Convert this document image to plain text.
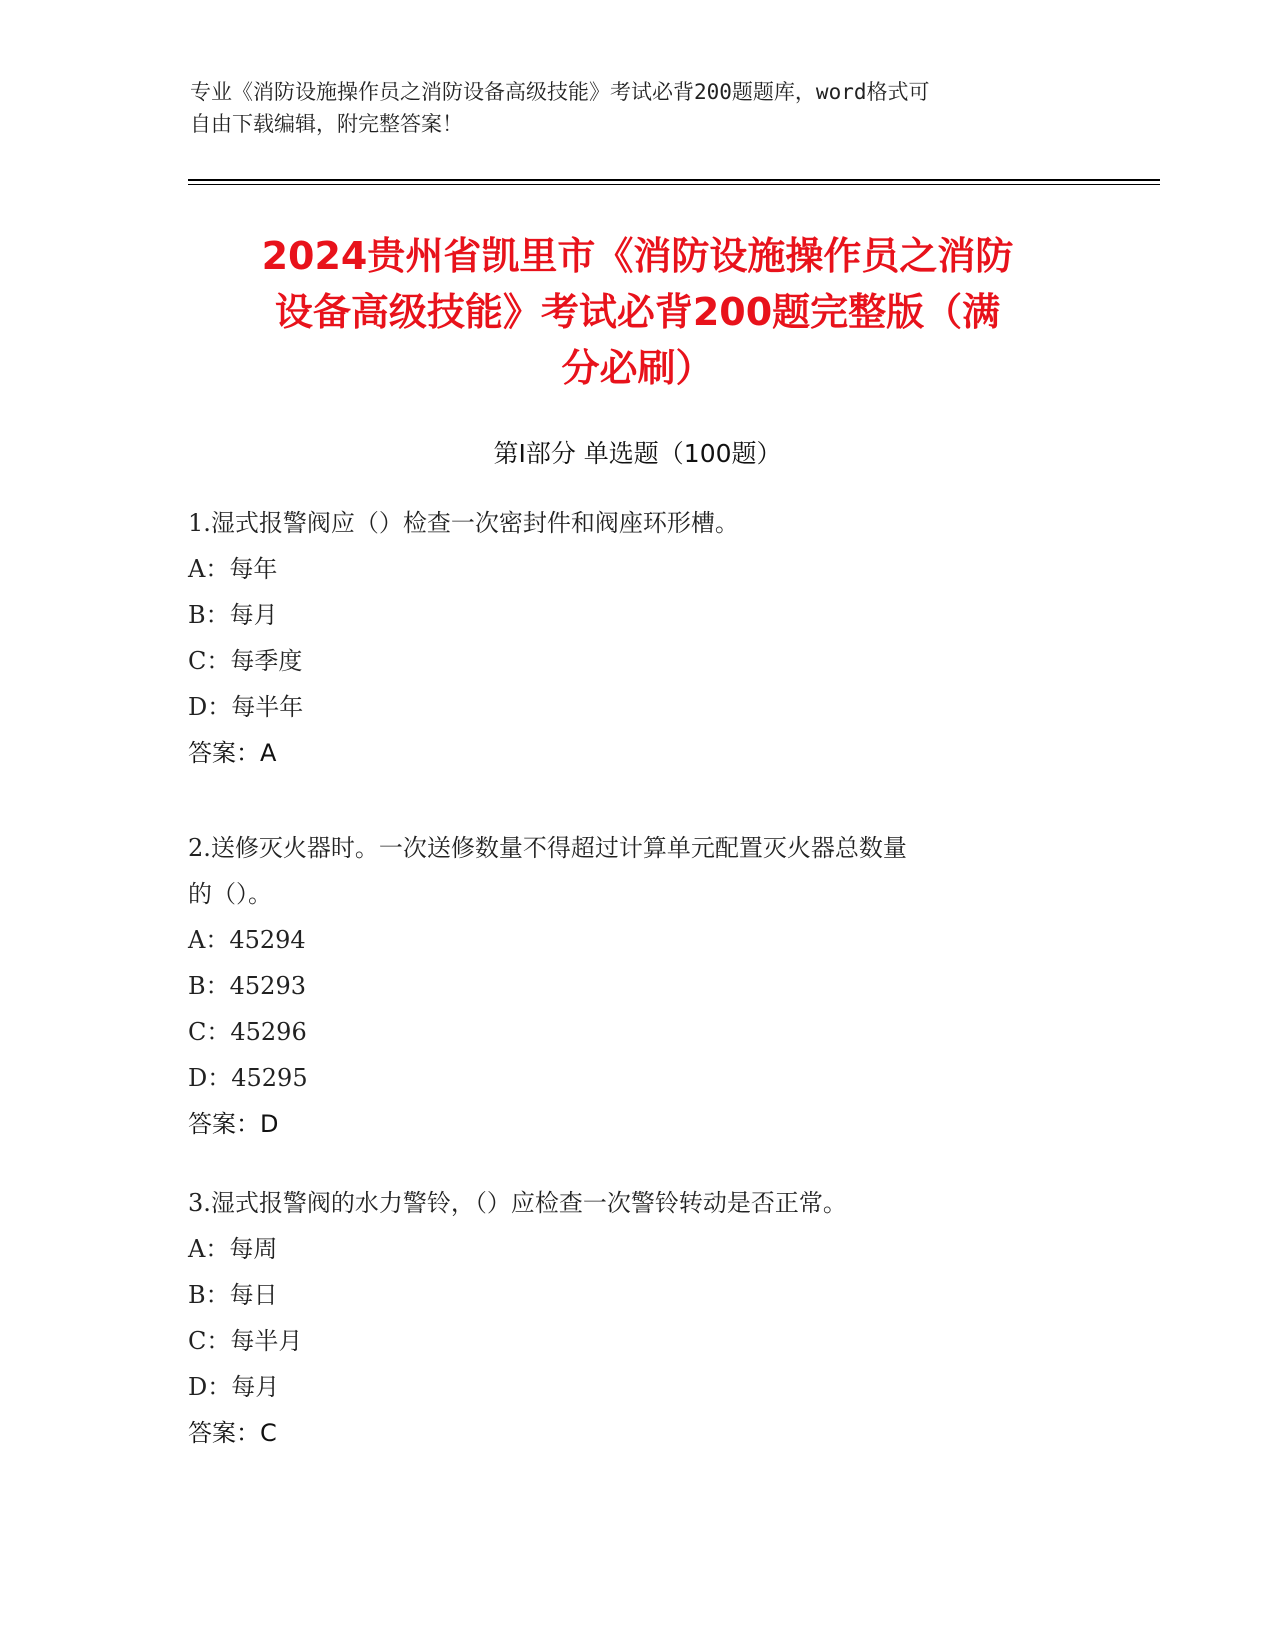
专业《消防设施操作员之消防设备高级技能》考试必背200题题库，word格式可
自由下载编辑，附完整答案！
2024贵州省凯里市《消防设施操作员之消防
设备高级技能》考试必背200题完整版（满
分必刷）
第Ⅰ部分 单选题（100题）
1.湿式报警阀应（）检查一次密封件和阀座环形槽。
A：每年
B：每月
C：每季度
D：每半年
答案：A
2.送修灭火器时。一次送修数量不得超过计算单元配置灭火器总数量
的（）。
A：45294
B：45293
C：45296
D：45295
答案：D
3.湿式报警阀的水力警铃，（）应检查一次警铃转动是否正常。
A：每周
B：每日
C：每半月
D：每月
答案：C
